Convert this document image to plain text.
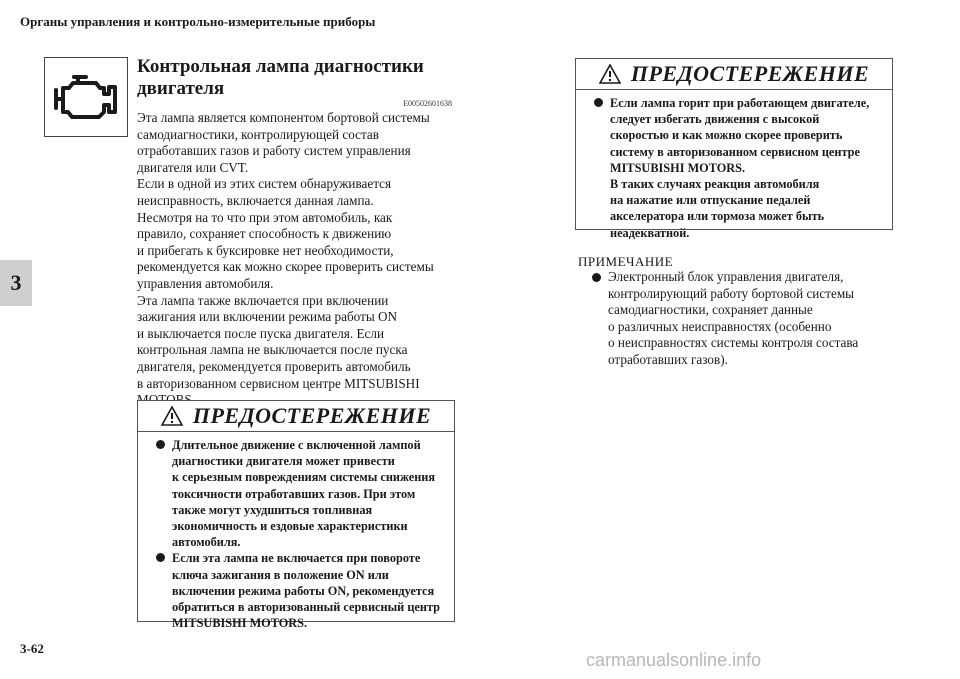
Органы управления и контрольно-измерительные приборы
3
Контрольная лампа диагностики
двигателя
E00502601638

Эта лампа является компонентом бортовой системы

самодиагностики, контролирующей состав

отработавших газов и работу систем управления

двигателя или CVT.

Если в одной из этих систем обнаруживается

неисправность, включается данная лампа.

Несмотря на то что при этом автомобиль, как

правило, сохраняет способность к движению

и прибегать к буксировке нет необходимости,

рекомендуется как можно скорее проверить системы

управления автомобиля.

Эта лампа также включается при включении

зажигания или включении режима работы ON

и выключается после пуска двигателя. Если

контрольная лампа не выключается после пуска

двигателя, рекомендуется проверить автомобиль

в авторизованном сервисном центре MITSUBISHI

ПРЕДОСТЕРЕЖЕНИЕ
Длительное движение с включенной лампой
диагностики двигателя может привести
к серьезным повреждениям системы снижения
токсичности отработавших газов. При этом
также могут ухудшиться топливная
экономичность и ездовые характеристики
автомобиля.
Если эта лампа не включается при повороте
ключа зажигания в положение ON или
включении режима работы ON, рекомендуется
обратиться в авторизованный сервисный центр
MITSUBISHI MOTORS.
ПРЕДОСТЕРЕЖЕНИЕ
Если лампа горит при работающем двигателе,
следует избегать движения с высокой
скоростью и как можно скорее проверить
систему в авторизованном сервисном центре
MITSUBISHI MOTORS.
В таких случаях реакция автомобиля
на нажатие или отпускание педалей
акселератора или тормоза может быть
неадекватной.
ПРИМЕЧАНИЕ
Электронный блок управления двигателя,
контролирующий работу бортовой системы
самодиагностики, сохраняет данные
о различных неисправностях (особенно
о неисправностях системы контроля состава
отработавших газов).
3-62
carmanualsonline.info
